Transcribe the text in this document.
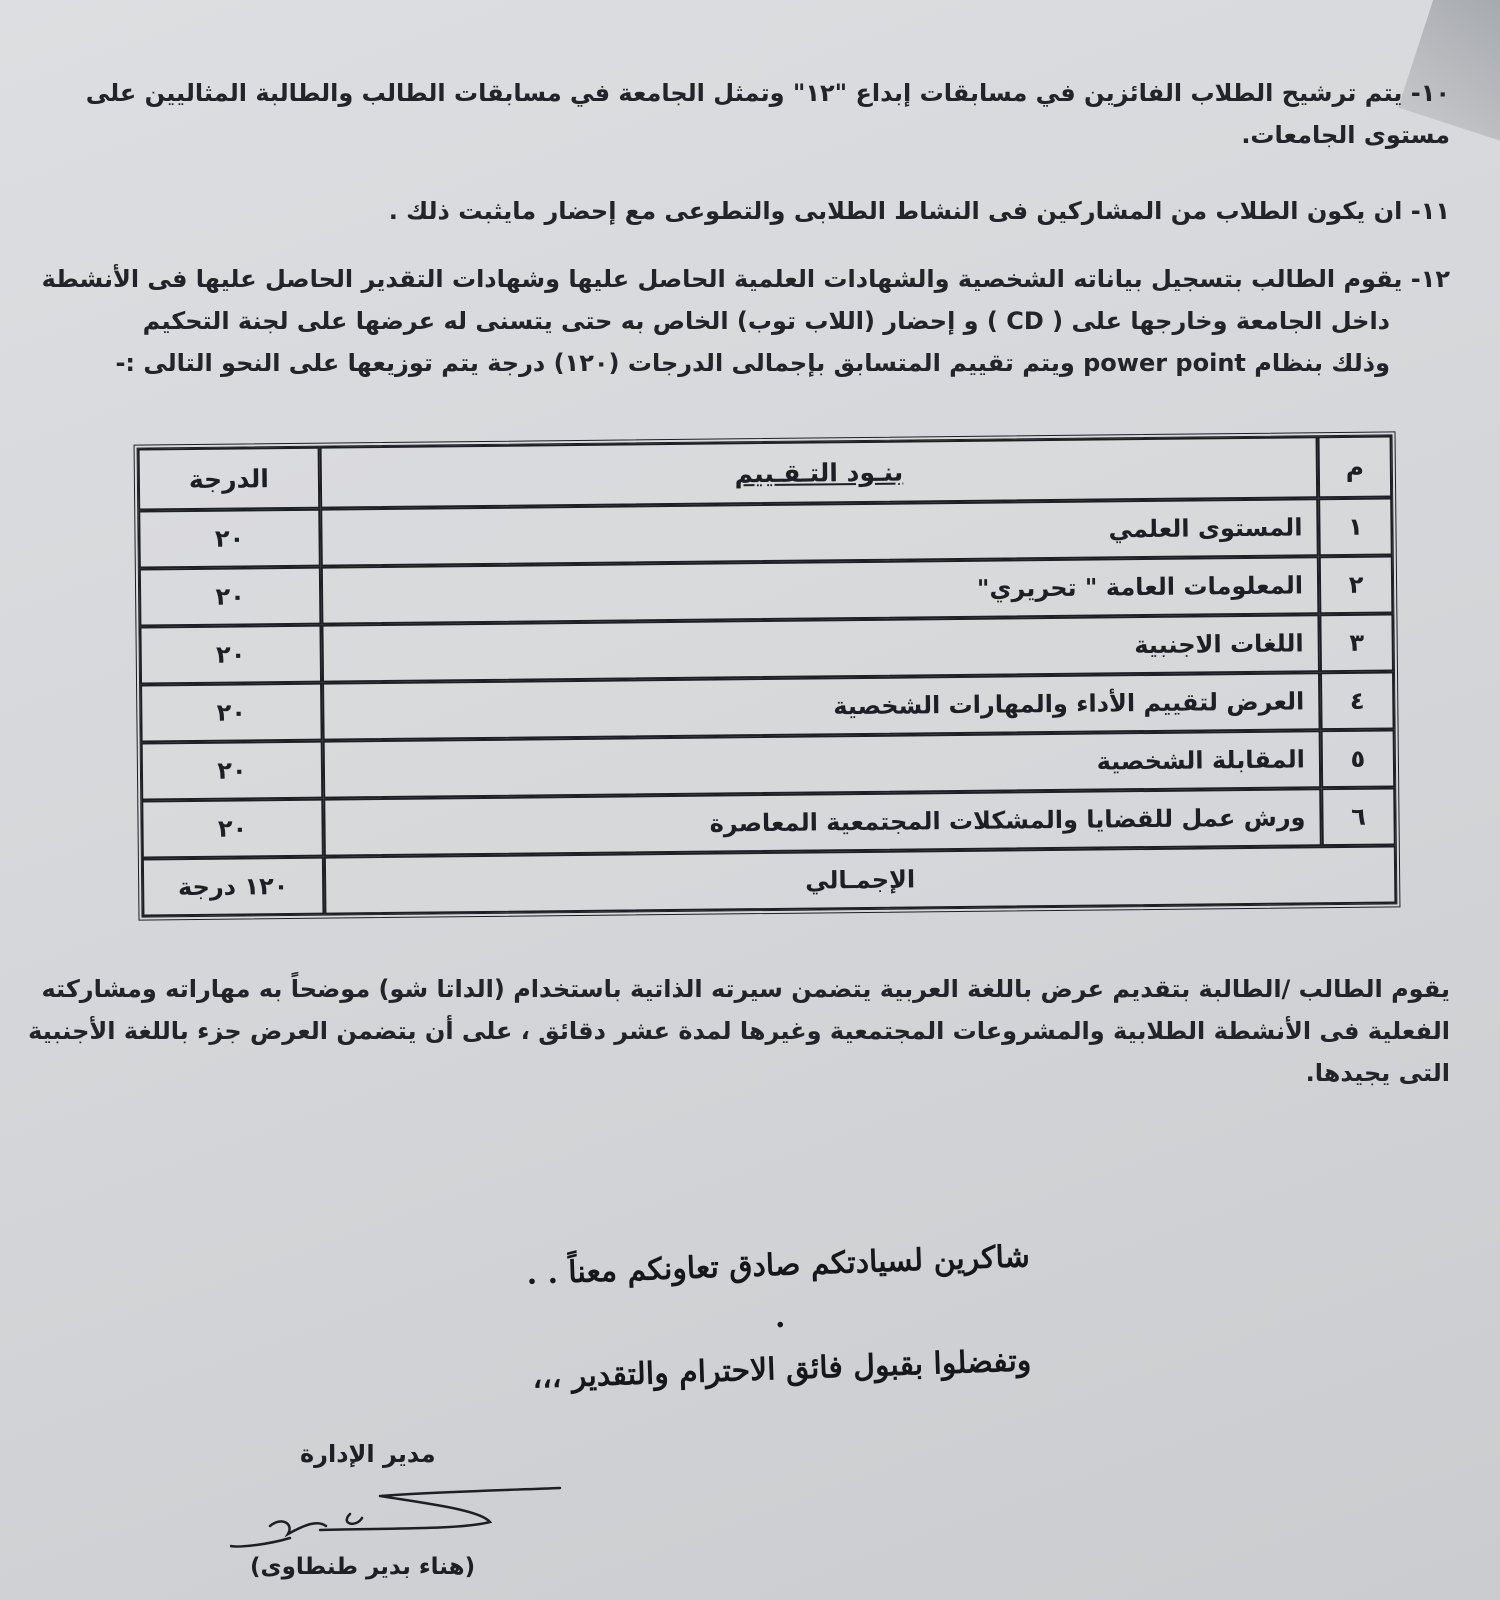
١٠- يتم ترشيح الطلاب الفائزين في مسابقات إبداع "١٢" وتمثل الجامعة في مسابقات الطالب والطالبة المثاليين على
مستوى الجامعات.
١١- ان يكون الطلاب من المشاركين فى النشاط الطلابى والتطوعى مع إحضار مايثبت ذلك .
١٢- يقوم الطالب بتسجيل بياناته الشخصية والشهادات العلمية الحاصل عليها وشهادات التقدير الحاصل عليها فى الأنشطة
داخل الجامعة وخارجها على ( CD ) و إحضار (اللاب توب) الخاص به حتى يتسنى له عرضها على لجنة التحكيم
وذلك بنظام power point ويتم تقييم المتسابق بإجمالى الدرجات (١٢٠) درجة يتم توزيعها على النحو التالى :-
م	بنـود التـقـييم	الدرجة
١	المستوى العلمي	٢٠
٢	المعلومات العامة " تحريري"	٢٠
٣	اللغات الاجنبية	٢٠
٤	العرض لتقييم الأداء والمهارات الشخصية	٢٠
٥	المقابلة الشخصية	٢٠
٦	ورش عمل للقضايا والمشكلات المجتمعية المعاصرة	٢٠
الإجمـالي		١٢٠ درجة
يقوم الطالب /الطالبة بتقديم عرض باللغة العربية يتضمن سيرته الذاتية باستخدام (الداتا شو) موضحاً به مهاراته ومشاركته
الفعلية فى الأنشطة الطلابية والمشروعات المجتمعية وغيرها لمدة عشر دقائق ، على أن يتضمن العرض جزء باللغة الأجنبية
التى يجيدها.
شاكرين لسيادتكم صادق تعاونكم معناً . . .
وتفضلوا بقبول فائق الاحترام والتقدير ،،،
مدير الإدارة
(هناء بدير طنطاوى)
